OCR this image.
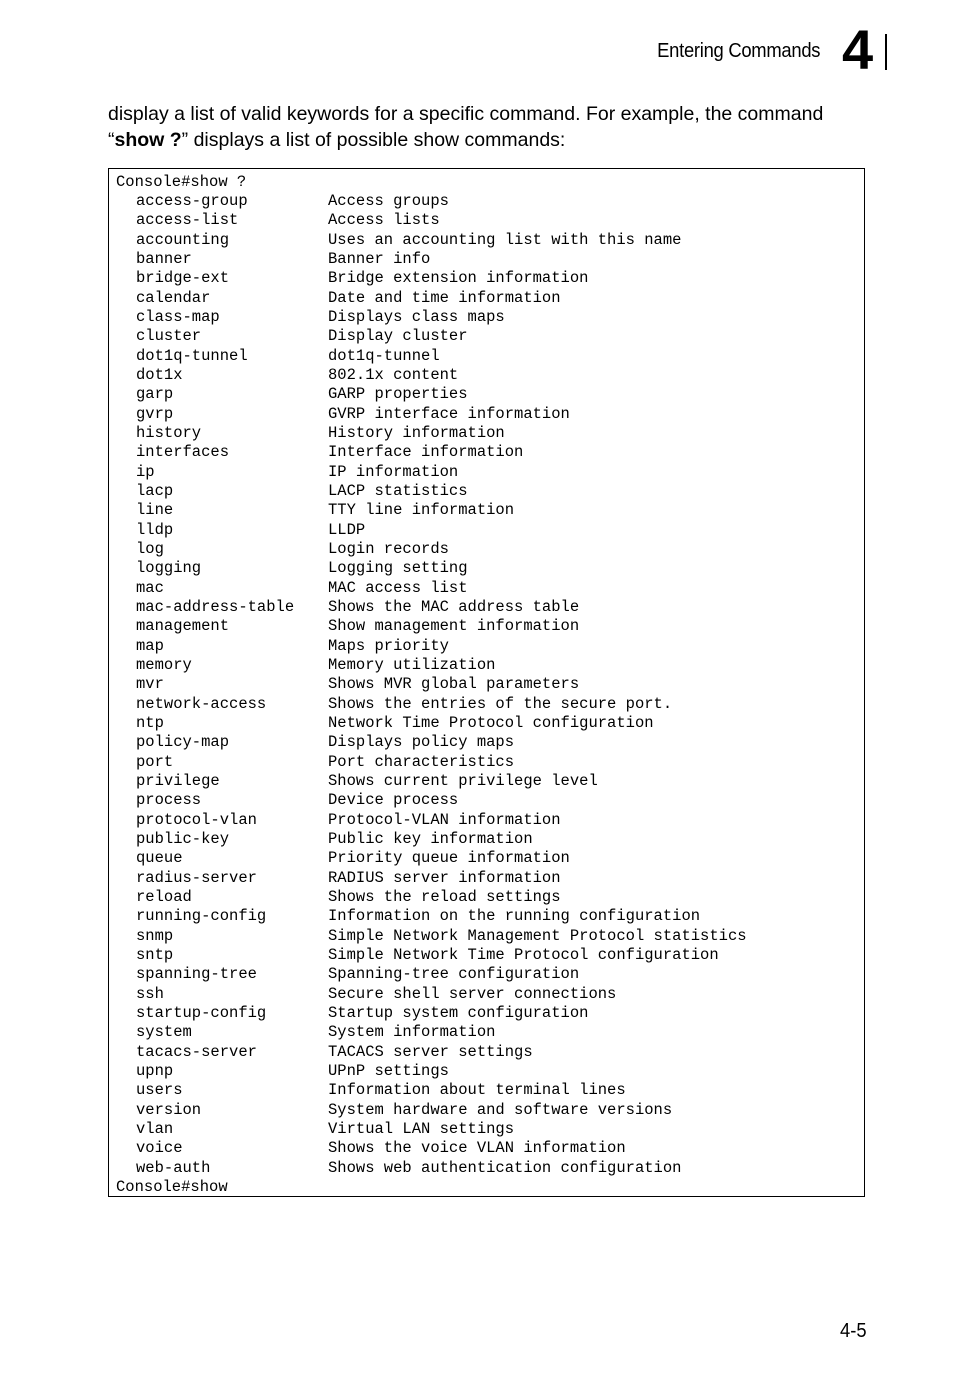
Entering Commands 4
display a list of valid keywords for a specific command. For example, the command
“show ?” displays a list of possible show commands:
Console#show ?
access-group	Access groups
access-list	Access lists
accounting	Uses an accounting list with this name
banner	Banner info
bridge-ext	Bridge extension information
calendar	Date and time information
class-map	Displays class maps
cluster	Display cluster
dot1q-tunnel	dot1q-tunnel
dot1x	802.1x content
garp	GARP properties
gvrp	GVRP interface information
history	History information
interfaces	Interface information
ip	IP information
lacp	LACP statistics
line	TTY line information
lldp	LLDP
log	Login records
logging	Logging setting
mac	MAC access list
mac-address-table Shows the MAC address table
management	Show management information
map	Maps priority
memory	Memory utilization
mvr	Shows MVR global parameters
network-access	Shows the entries of the secure port.
ntp	Network Time Protocol configuration
policy-map	Displays policy maps
port	Port characteristics
privilege	Shows current privilege level
process	Device process
protocol-vlan	Protocol-VLAN information
public-key	Public key information
queue	Priority queue information
radius-server	RADIUS server information
reload	Shows the reload settings
running-config	Information on the running configuration
snmp	Simple Network Management Protocol statistics
sntp	Simple Network Time Protocol configuration
spanning-tree	Spanning-tree configuration
ssh	Secure shell server connections
startup-config	Startup system configuration
system	System information
tacacs-server	TACACS server settings
upnp	UPnP settings
users	Information about terminal lines
version	System hardware and software versions
vlan	Virtual LAN settings
voice	Shows the voice VLAN information
web-auth	Shows web authentication configuration
Console#show
4-5
